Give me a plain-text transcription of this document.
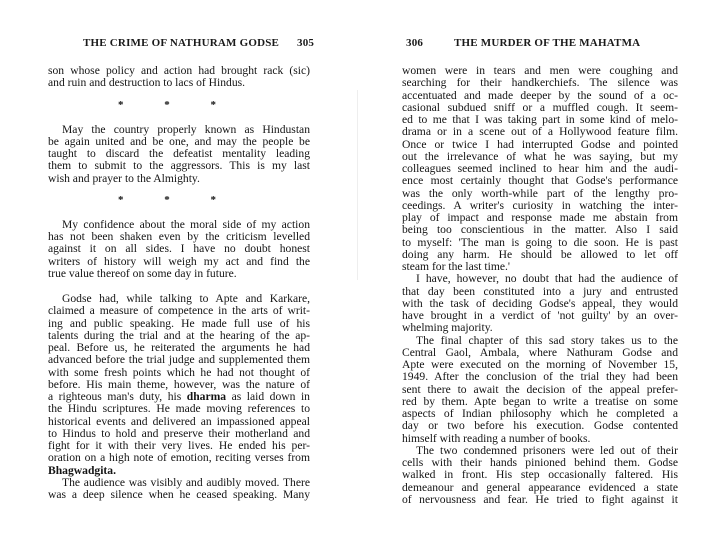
THE CRIME OF NATHURAM GODSE 305
son whose policy and action had brought rack (sic)
and ruin and destruction to lacs of Hindus.
* * *
May the country properly known as Hindustan
be again united and be one, and may the people be
taught to discard the defeatist mentality leading
them to submit to the aggressors. This is my last
wish and prayer to the Almighty.
* * *
My confidence about the moral side of my action
has not been shaken even by the criticism levelled
against it on all sides. I have no doubt honest
writers of history will weigh my act and find the
true value thereof on some day in future.
Godse had, while talking to Apte and Karkare,
claimed a measure of competence in the arts of writ-
ing and public speaking. He made full use of his
talents during the trial and at the hearing of the ap-
peal. Before us, he reiterated the arguments he had
advanced before the trial judge and supplemented them
with some fresh points which he had not thought of
before. His main theme, however, was the nature of
a righteous man's duty, his dharma as laid down in
the Hindu scriptures. He made moving references to
historical events and delivered an impassioned appeal
to Hindus to hold and preserve their motherland and
fight for it with their very lives. He ended his per-
oration on a high note of emotion, reciting verses from
Bhagwadgita.
The audience was visibly and audibly moved. There
was a deep silence when he ceased speaking. Many
306	THE MURDER OF THE MAHATMA
women were in tears and men were coughing and
searching for their handkerchiefs. The silence was
accentuated and made deeper by the sound of a oc-
casional subdued sniff or a muffled cough. It seem-
ed to me that I was taking part in some kind of melo-
drama or in a scene out of a Hollywood feature film.
Once or twice I had interrupted Godse and pointed
out the irrelevance of what he was saying, but my
colleagues seemed inclined to hear him and the audi-
ence most certainly thought that Godse's performance
was the only worth-while part of the lengthy pro-
ceedings. A writer's curiosity in watching the inter-
play of impact and response made me abstain from
being too conscientious in the matter. Also I said
to myself: 'The man is going to die soon. He is past
doing any harm. He should be allowed to let off
steam for the last time.'
I have, however, no doubt that had the audience of
that day been constituted into a jury and entrusted
with the task of deciding Godse's appeal, they would
have brought in a verdict of 'not guilty' by an over-
whelming majority.
The final chapter of this sad story takes us to the
Central Gaol, Ambala, where Nathuram Godse and
Apte were executed on the morning of November 15,
1949. After the conclusion of the trial they had been
sent there to await the decision of the appeal prefer-
red by them. Apte began to write a treatise on some
aspects of Indian philosophy which he completed a
day or two before his execution. Godse contented
himself with reading a number of books.
The two condemned prisoners were led out of their
cells with their hands pinioned behind them. Godse
walked in front. His step occasionally faltered. His
demeanour and general appearance evidenced a state
of nervousness and fear. He tried to fight against it
